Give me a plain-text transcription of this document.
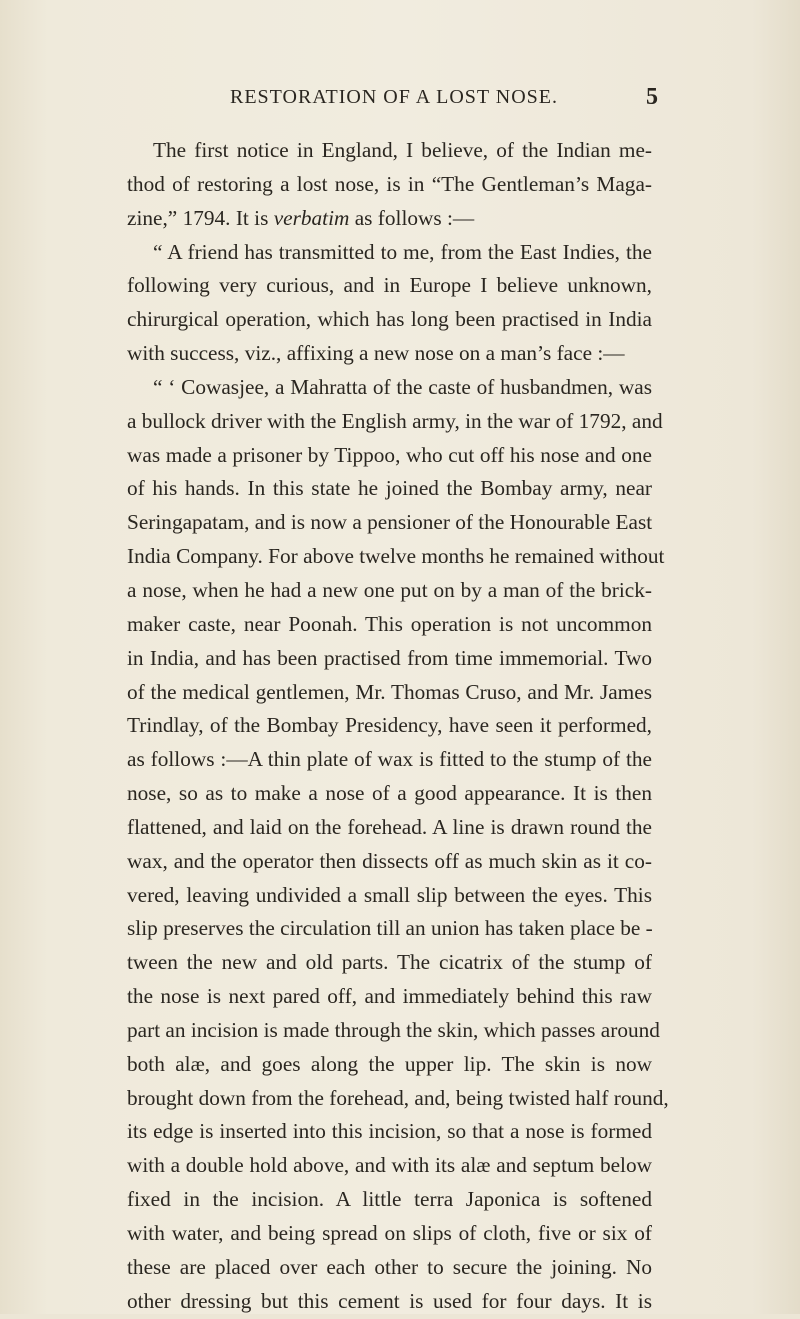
RESTORATION OF A LOST NOSE.	5
The first notice in England, I believe, of the Indian me-
thod of restoring a lost nose, is in “The Gentleman’s Maga-
zine,” 1794. It is verbatim as follows :—
“ A friend has transmitted to me, from the East Indies, the
following very curious, and in Europe I believe unknown,
chirurgical operation, which has long been practised in India
with success, viz., affixing a new nose on a man’s face :—
“ ‘ Cowasjee, a Mahratta of the caste of husbandmen, was
a bullock driver with the English army, in the war of 1792, and
was made a prisoner by Tippoo, who cut off his nose and one
of his hands. In this state he joined the Bombay army, near
Seringapatam, and is now a pensioner of the Honourable East
India Company. For above twelve months he remained without
a nose, when he had a new one put on by a man of the brick-
maker caste, near Poonah. This operation is not uncommon
in India, and has been practised from time immemorial. Two
of the medical gentlemen, Mr. Thomas Cruso, and Mr. James
Trindlay, of the Bombay Presidency, have seen it performed,
as follows :—A thin plate of wax is fitted to the stump of the
nose, so as to make a nose of a good appearance. It is then
flattened, and laid on the forehead. A line is drawn round the
wax, and the operator then dissects off as much skin as it co-
vered, leaving undivided a small slip between the eyes. This
slip preserves the circulation till an union has taken place be -
tween the new and old parts. The cicatrix of the stump of
the nose is next pared off, and immediately behind this raw
part an incision is made through the skin, which passes around
both alæ, and goes along the upper lip. The skin is now
brought down from the forehead, and, being twisted half round,
its edge is inserted into this incision, so that a nose is formed
with a double hold above, and with its alæ and septum below
fixed in the incision. A little terra Japonica is softened
with water, and being spread on slips of cloth, five or six of
these are placed over each other to secure the joining. No
other dressing but this cement is used for four days. It is
